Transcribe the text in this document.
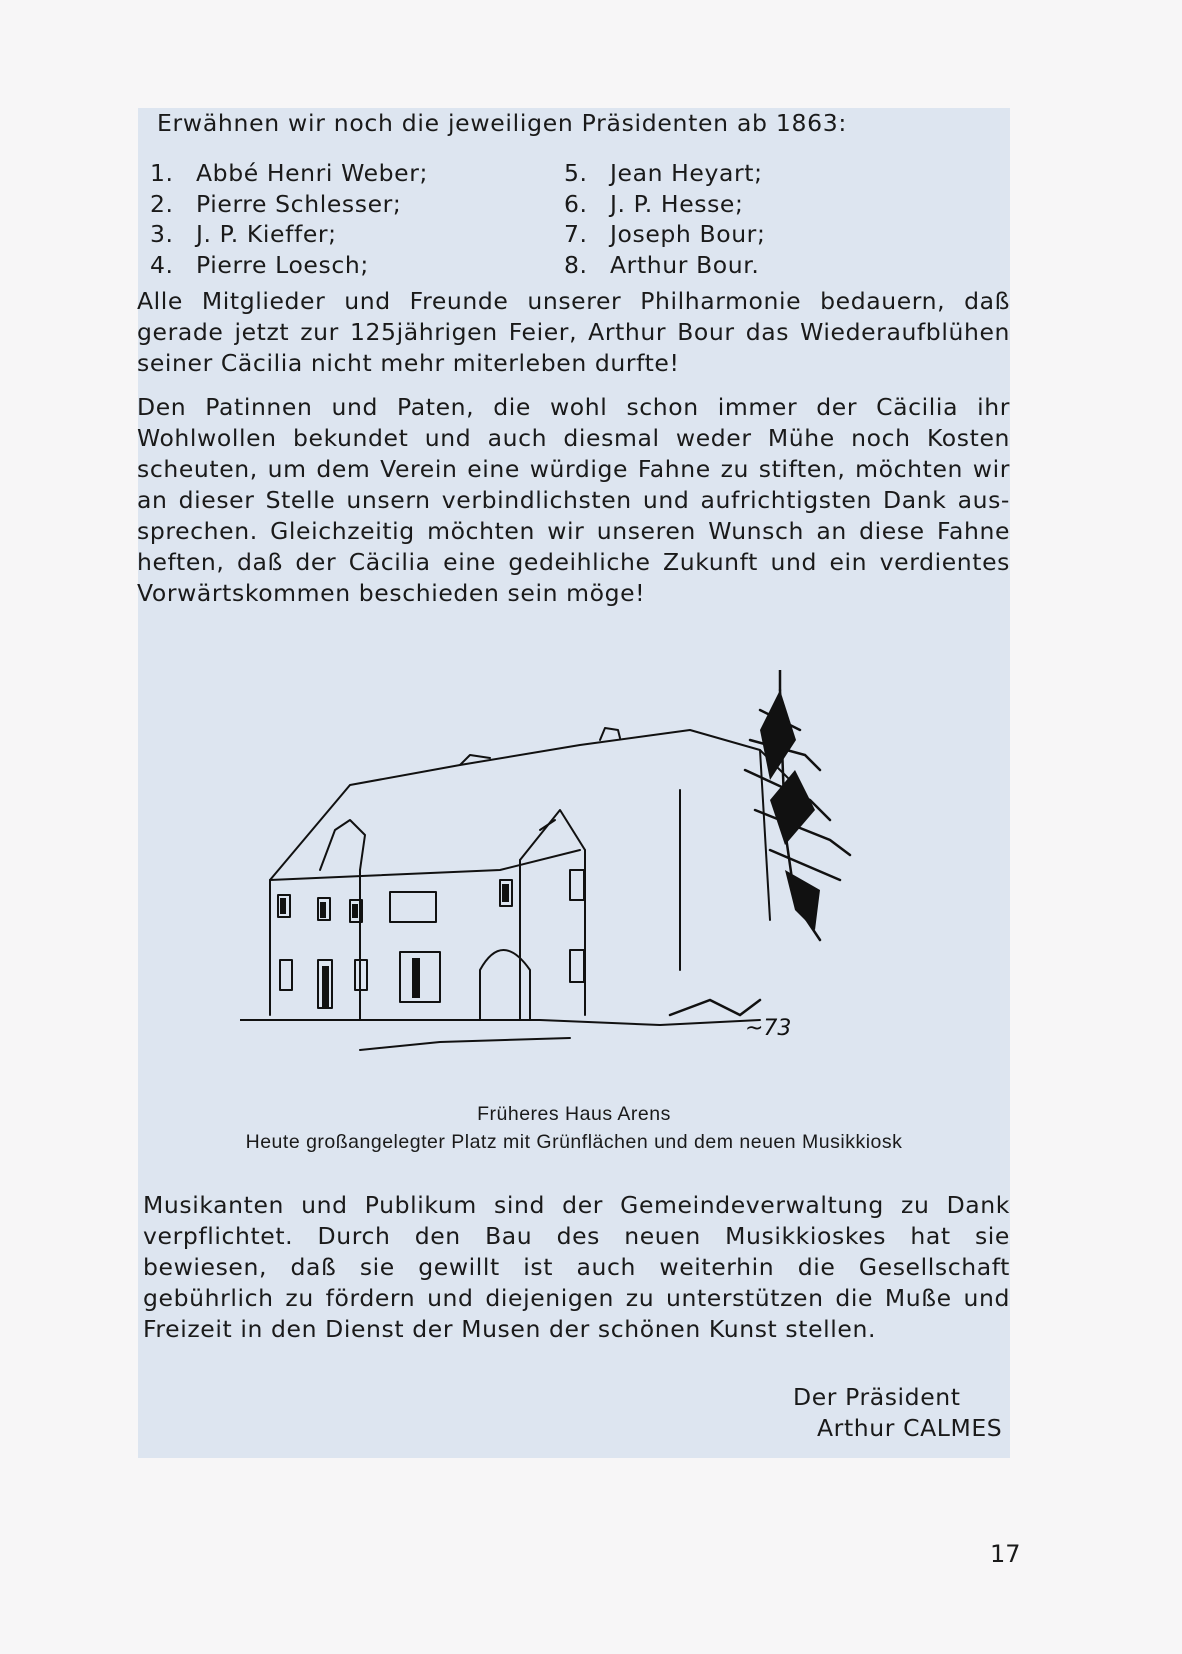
Erwähnen wir noch die jeweiligen Präsidenten ab 1863:

1. Abbé Henri Weber;
2. Pierre Schlesser;
3. J. P. Kieffer;
4. Pierre Loesch;
5. Jean Heyart;
6. J. P. Hesse;
7. Joseph Bour;
8. Arthur Bour.

Alle Mitglieder und Freunde unserer Philharmonie bedauern, daß gerade jetzt zur 125jährigen Feier, Arthur Bour das Wiederaufblühen seiner Cäcilia nicht mehr miterleben durfte!

Den Patinnen und Paten, die wohl schon immer der Cäcilia ihr Wohlwollen bekundet und auch diesmal weder Mühe noch Kosten scheuten, um dem Verein eine würdige Fahne zu stiften, möchten wir an dieser Stelle unsern verbindlichsten und aufrichtigsten Dank aus-sprechen. Gleichzeitig möchten wir unseren Wunsch an diese Fahne heften, daß der Cäcilia eine gedeihliche Zukunft und ein verdientes Vorwärtskommen beschieden sein möge!

~73

Früheres Haus Arens

Heute großangelegter Platz mit Grünflächen und dem neuen Musikkiosk

Musikanten und Publikum sind der Gemeindeverwaltung zu Dank verpflichtet. Durch den Bau des neuen Musikkioskes hat sie bewiesen, daß sie gewillt ist auch weiterhin die Gesellschaft gebührlich zu fördern und diejenigen zu unterstützen die Muße und Freizeit in den Dienst der Musen der schönen Kunst stellen.

Der Präsident

Arthur CALMES

17
